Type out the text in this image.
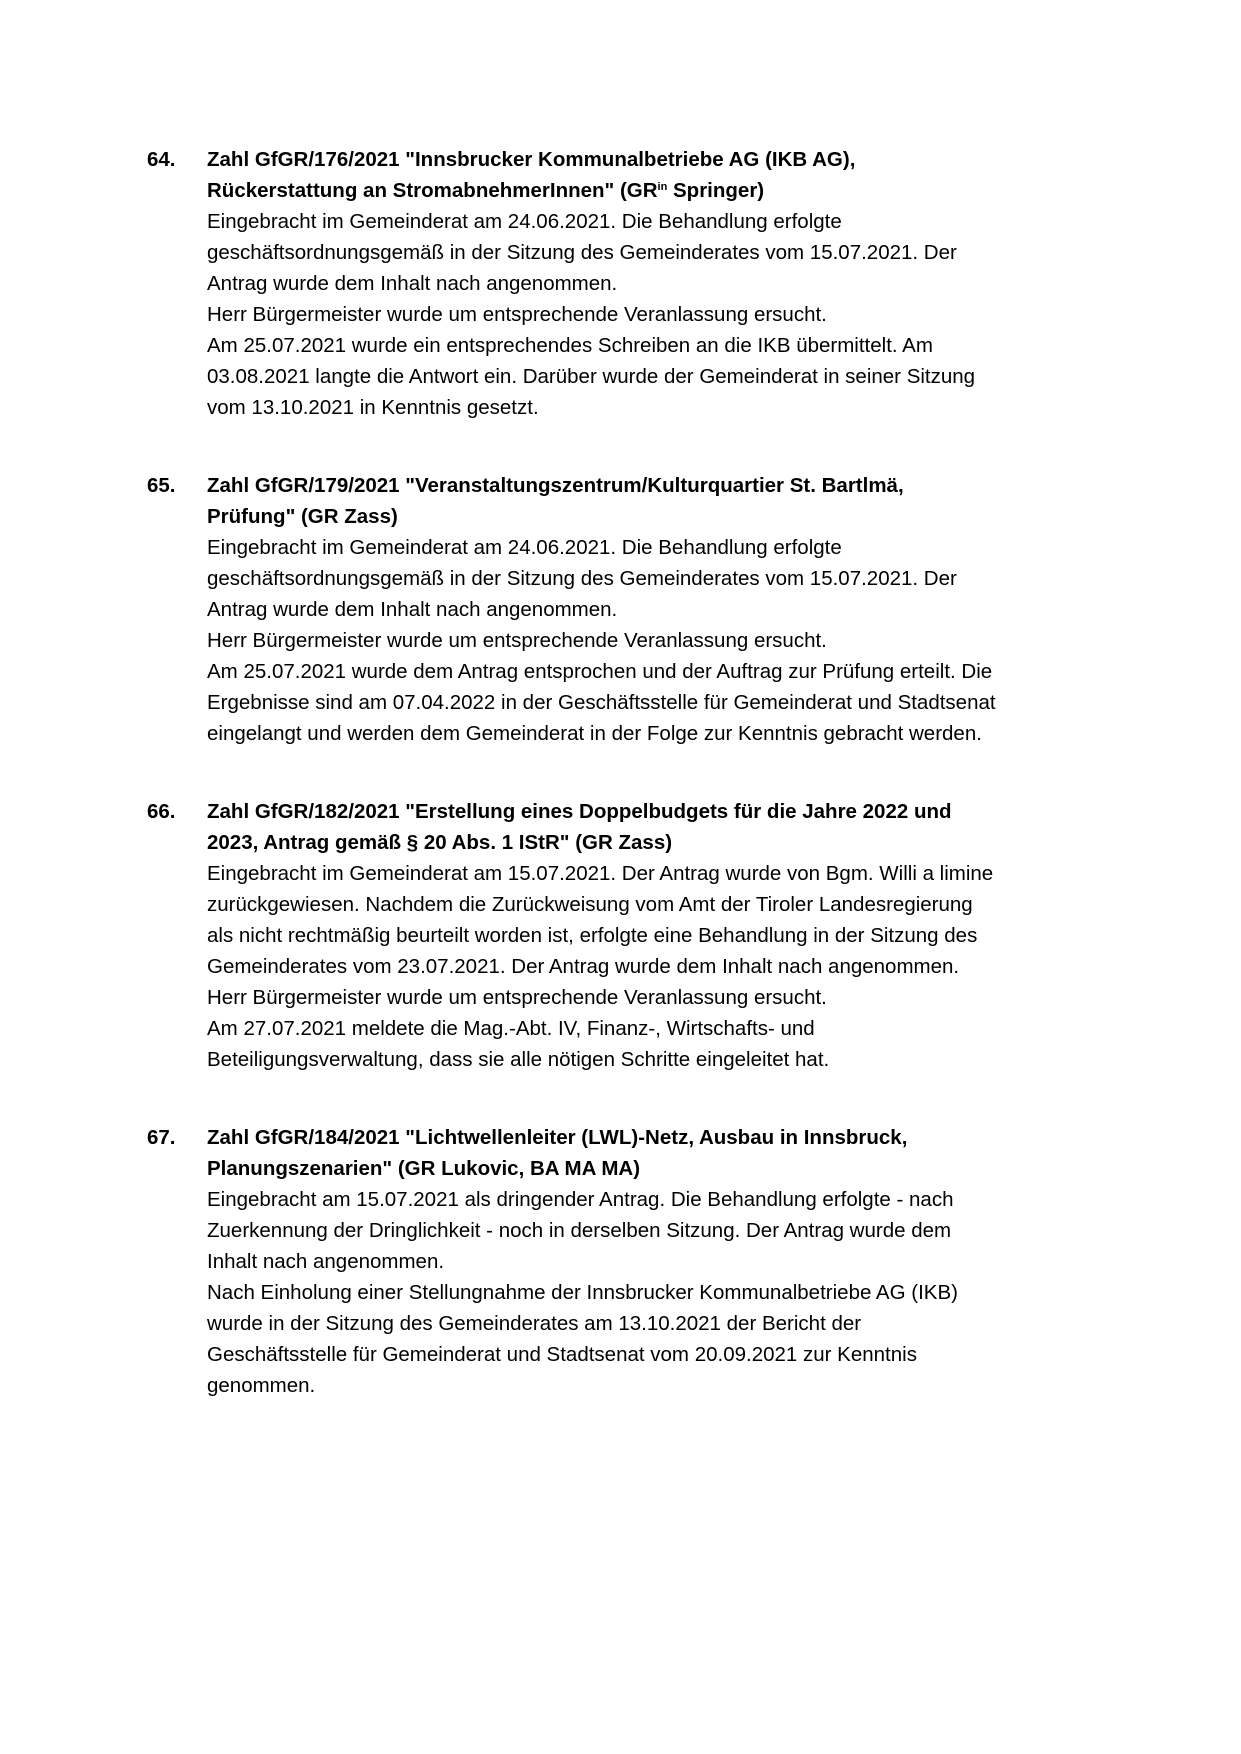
64. Zahl GfGR/176/2021 "Innsbrucker Kommunalbetriebe AG (IKB AG),
Rückerstattung an StromabnehmerInnen" ($GR^{in}$ Springer)
Eingebracht im Gemeinderat am 24.06.2021. Die Behandlung erfolgte
geschäftsordnungsgemäß in der Sitzung des Gemeinderates vom 15.07.2021. Der
Antrag wurde dem Inhalt nach angenommen.
Herr Bürgermeister wurde um entsprechende Veranlassung ersucht.
Am 25.07.2021 wurde ein entsprechendes Schreiben an die IKB übermittelt. Am
03.08.2021 langte die Antwort ein. Darüber wurde der Gemeinderat in seiner Sitzung
vom 13.10.2021 in Kenntnis gesetzt.
65. Zahl GfGR/179/2021 "Veranstaltungszentrum/Kulturquartier St. Bartlmä,
Prüfung" (GR Zass)
Eingebracht im Gemeinderat am 24.06.2021. Die Behandlung erfolgte
geschäftsordnungsgemäß in der Sitzung des Gemeinderates vom 15.07.2021. Der
Antrag wurde dem Inhalt nach angenommen.
Herr Bürgermeister wurde um entsprechende Veranlassung ersucht.
Am 25.07.2021 wurde dem Antrag entsprochen und der Auftrag zur Prüfung erteilt. Die
Ergebnisse sind am 07.04.2022 in der Geschäftsstelle für Gemeinderat und Stadtsenat
eingelangt und werden dem Gemeinderat in der Folge zur Kenntnis gebracht werden.
66. Zahl GfGR/182/2021 "Erstellung eines Doppelbudgets für die Jahre 2022 und
2023, Antrag gemäß § 20 Abs. 1 IStR" (GR Zass)
Eingebracht im Gemeinderat am 15.07.2021. Der Antrag wurde von Bgm. Willi a limine
zurückgewiesen. Nachdem die Zurückweisung vom Amt der Tiroler Landesregierung
als nicht rechtmäßig beurteilt worden ist, erfolgte eine Behandlung in der Sitzung des
Gemeinderates vom 23.07.2021. Der Antrag wurde dem Inhalt nach angenommen.
Herr Bürgermeister wurde um entsprechende Veranlassung ersucht.
Am 27.07.2021 meldete die Mag.-Abt. IV, Finanz-, Wirtschafts- und
Beteiligungsverwaltung, dass sie alle nötigen Schritte eingeleitet hat.
67. Zahl GfGR/184/2021 "Lichtwellenleiter (LWL)-Netz, Ausbau in Innsbruck,
Planungszenarien" (GR Lukovic, BA MA MA)
Eingebracht am 15.07.2021 als dringender Antrag. Die Behandlung erfolgte - nach
Zuerkennung der Dringlichkeit - noch in derselben Sitzung. Der Antrag wurde dem
Inhalt nach angenommen.
Nach Einholung einer Stellungnahme der Innsbrucker Kommunalbetriebe AG (IKB)
wurde in der Sitzung des Gemeinderates am 13.10.2021 der Bericht der
Geschäftsstelle für Gemeinderat und Stadtsenat vom 20.09.2021 zur Kenntnis
genommen.
